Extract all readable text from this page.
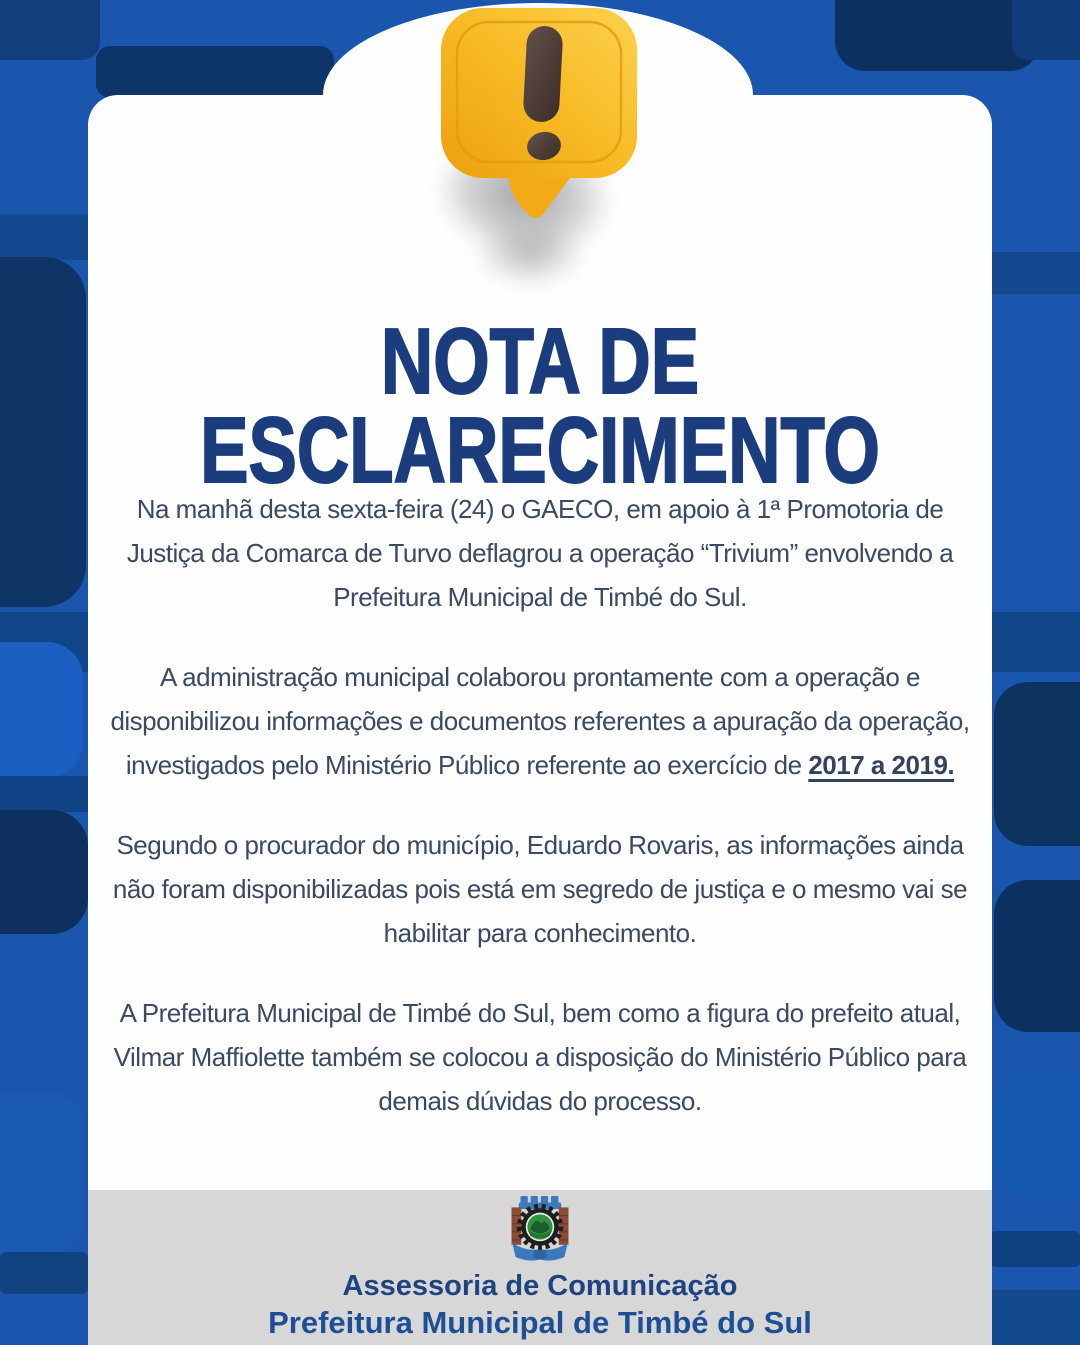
NOTA DE
ESCLARECIMENTO

Na manhã desta sexta-feira (24) o GAECO, em apoio à 1ª Promotoria de Justiça da Comarca de Turvo deflagrou a operação “Trivium” envolvendo a Prefeitura Municipal de Timbé do Sul.

A administração municipal colaborou prontamente com a operação e disponibilizou informações e documentos referentes a apuração da operação, investigados pelo Ministério Público referente ao exercício de 2017 a 2019.

Segundo o procurador do município, Eduardo Rovaris, as informações ainda não foram disponibilizadas pois está em segredo de justiça e o mesmo vai se habilitar para conhecimento.

A Prefeitura Municipal de Timbé do Sul, bem como a figura do prefeito atual, Vilmar Maffiolette também se colocou a disposição do Ministério Público para demais dúvidas do processo.

Assessoria de Comunicação
Prefeitura Municipal de Timbé do Sul
